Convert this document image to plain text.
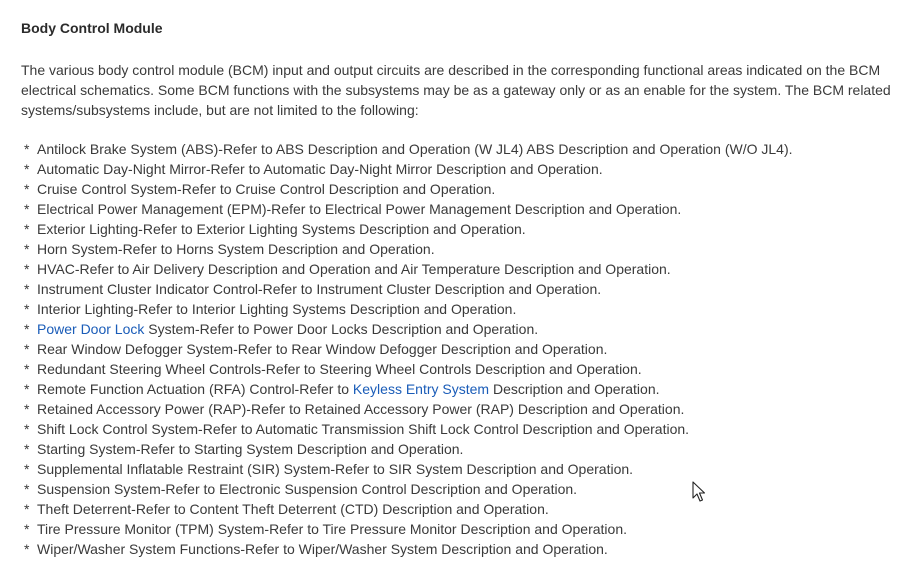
Body Control Module
The various body control module (BCM) input and output circuits are described in the corresponding functional areas indicated on the BCM
electrical schematics. Some BCM functions with the subsystems may be as a gateway only or as an enable for the system. The BCM related
systems/subsystems include, but are not limited to the following:
* Antilock Brake System (ABS)-Refer to ABS Description and Operation (W JL4) ABS Description and Operation (W/O JL4).
* Automatic Day-Night Mirror-Refer to Automatic Day-Night Mirror Description and Operation.
* Cruise Control System-Refer to Cruise Control Description and Operation.
* Electrical Power Management (EPM)-Refer to Electrical Power Management Description and Operation.
* Exterior Lighting-Refer to Exterior Lighting Systems Description and Operation.
* Horn System-Refer to Horns System Description and Operation.
* HVAC-Refer to Air Delivery Description and Operation and Air Temperature Description and Operation.
* Instrument Cluster Indicator Control-Refer to Instrument Cluster Description and Operation.
* Interior Lighting-Refer to Interior Lighting Systems Description and Operation.
* Power Door Lock System-Refer to Power Door Locks Description and Operation.
* Rear Window Defogger System-Refer to Rear Window Defogger Description and Operation.
* Redundant Steering Wheel Controls-Refer to Steering Wheel Controls Description and Operation.
* Remote Function Actuation (RFA) Control-Refer to Keyless Entry System Description and Operation.
* Retained Accessory Power (RAP)-Refer to Retained Accessory Power (RAP) Description and Operation.
* Shift Lock Control System-Refer to Automatic Transmission Shift Lock Control Description and Operation.
* Starting System-Refer to Starting System Description and Operation.
* Supplemental Inflatable Restraint (SIR) System-Refer to SIR System Description and Operation.
* Suspension System-Refer to Electronic Suspension Control Description and Operation.
* Theft Deterrent-Refer to Content Theft Deterrent (CTD) Description and Operation.
* Tire Pressure Monitor (TPM) System-Refer to Tire Pressure Monitor Description and Operation.
* Wiper/Washer System Functions-Refer to Wiper/Washer System Description and Operation.
